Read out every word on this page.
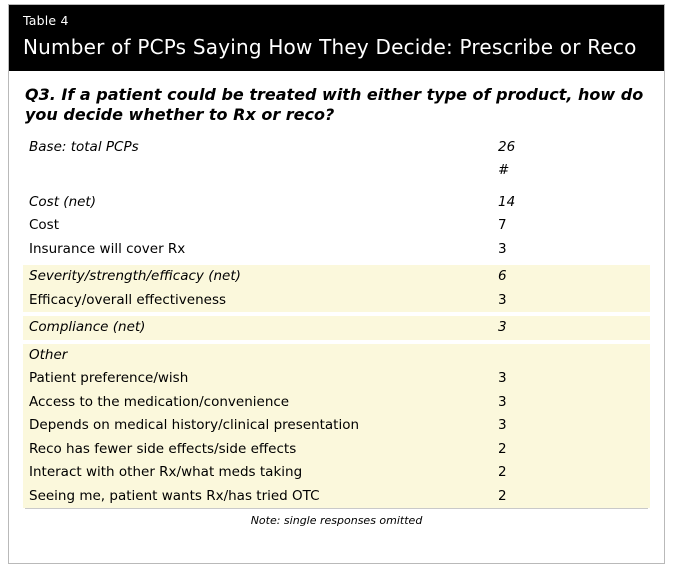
Table 4
Number of PCPs Saying How They Decide: Prescribe or Reco
Q3. If a patient could be treated with either type of product, how do you decide whether to Rx or reco?
Base: total PCPs	26
#
Cost (net)	14
Cost	7
Insurance will cover Rx	3
Severity/strength/efficacy (net)	6
Efficacy/overall effectiveness	3
Compliance (net)	3
Other
Patient preference/wish	3
Access to the medication/convenience	3
Depends on medical history/clinical presentation	3
Reco has fewer side effects/side effects	2
Interact with other Rx/what meds taking	2
Seeing me, patient wants Rx/has tried OTC	2
Note: single responses omitted
